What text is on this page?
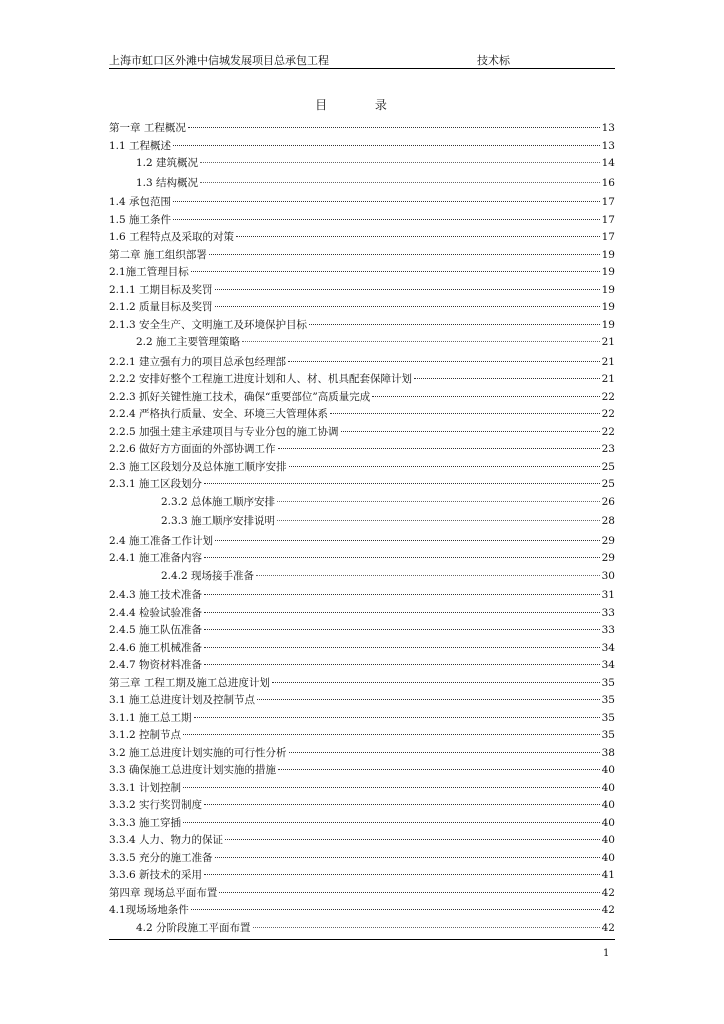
上海市虹口区外滩中信城发展项目总承包工程	技术标
目 录
第一章 工程概况	13
1.1 工程概述	13
1.2 建筑概况	14
1.3 结构概况	16
1.4 承包范围	17
1.5 施工条件	17
1.6 工程特点及采取的对策	17
第二章 施工组织部署	19
2.1施工管理目标	19
2.1.1 工期目标及奖罚	19
2.1.2 质量目标及奖罚	19
2.1.3 安全生产、文明施工及环境保护目标	19
2.2 施工主要管理策略	21
2.2.1 建立强有力的项目总承包经理部	21
2.2.2 安排好整个工程施工进度计划和人、材、机具配套保障计划	21
2.2.3 抓好关键性施工技术，确保“重要部位”高质量完成	22
2.2.4 严格执行质量、安全、环境三大管理体系	22
2.2.5 加强土建主承建项目与专业分包的施工协调	22
2.2.6 做好方方面面的外部协调工作	23
2.3 施工区段划分及总体施工顺序安排	25
2.3.1 施工区段划分	25
2.3.2 总体施工顺序安排	26
2.3.3 施工顺序安排说明	28
2.4 施工准备工作计划	29
2.4.1 施工准备内容	29
2.4.2 现场接手准备	30
2.4.3 施工技术准备	31
2.4.4 检验试验准备	33
2.4.5 施工队伍准备	33
2.4.6 施工机械准备	34
2.4.7 物资材料准备	34
第三章 工程工期及施工总进度计划	35
3.1 施工总进度计划及控制节点	35
3.1.1 施工总工期	35
3.1.2 控制节点	35
3.2 施工总进度计划实施的可行性分析	38
3.3 确保施工总进度计划实施的措施	40
3.3.1 计划控制	40
3.3.2 实行奖罚制度	40
3.3.3 施工穿插	40
3.3.4 人力、物力的保证	40
3.3.5 充分的施工准备	40
3.3.6 新技术的采用	41
第四章 现场总平面布置	42
4.1现场场地条件	42
4.2 分阶段施工平面布置	42
1
